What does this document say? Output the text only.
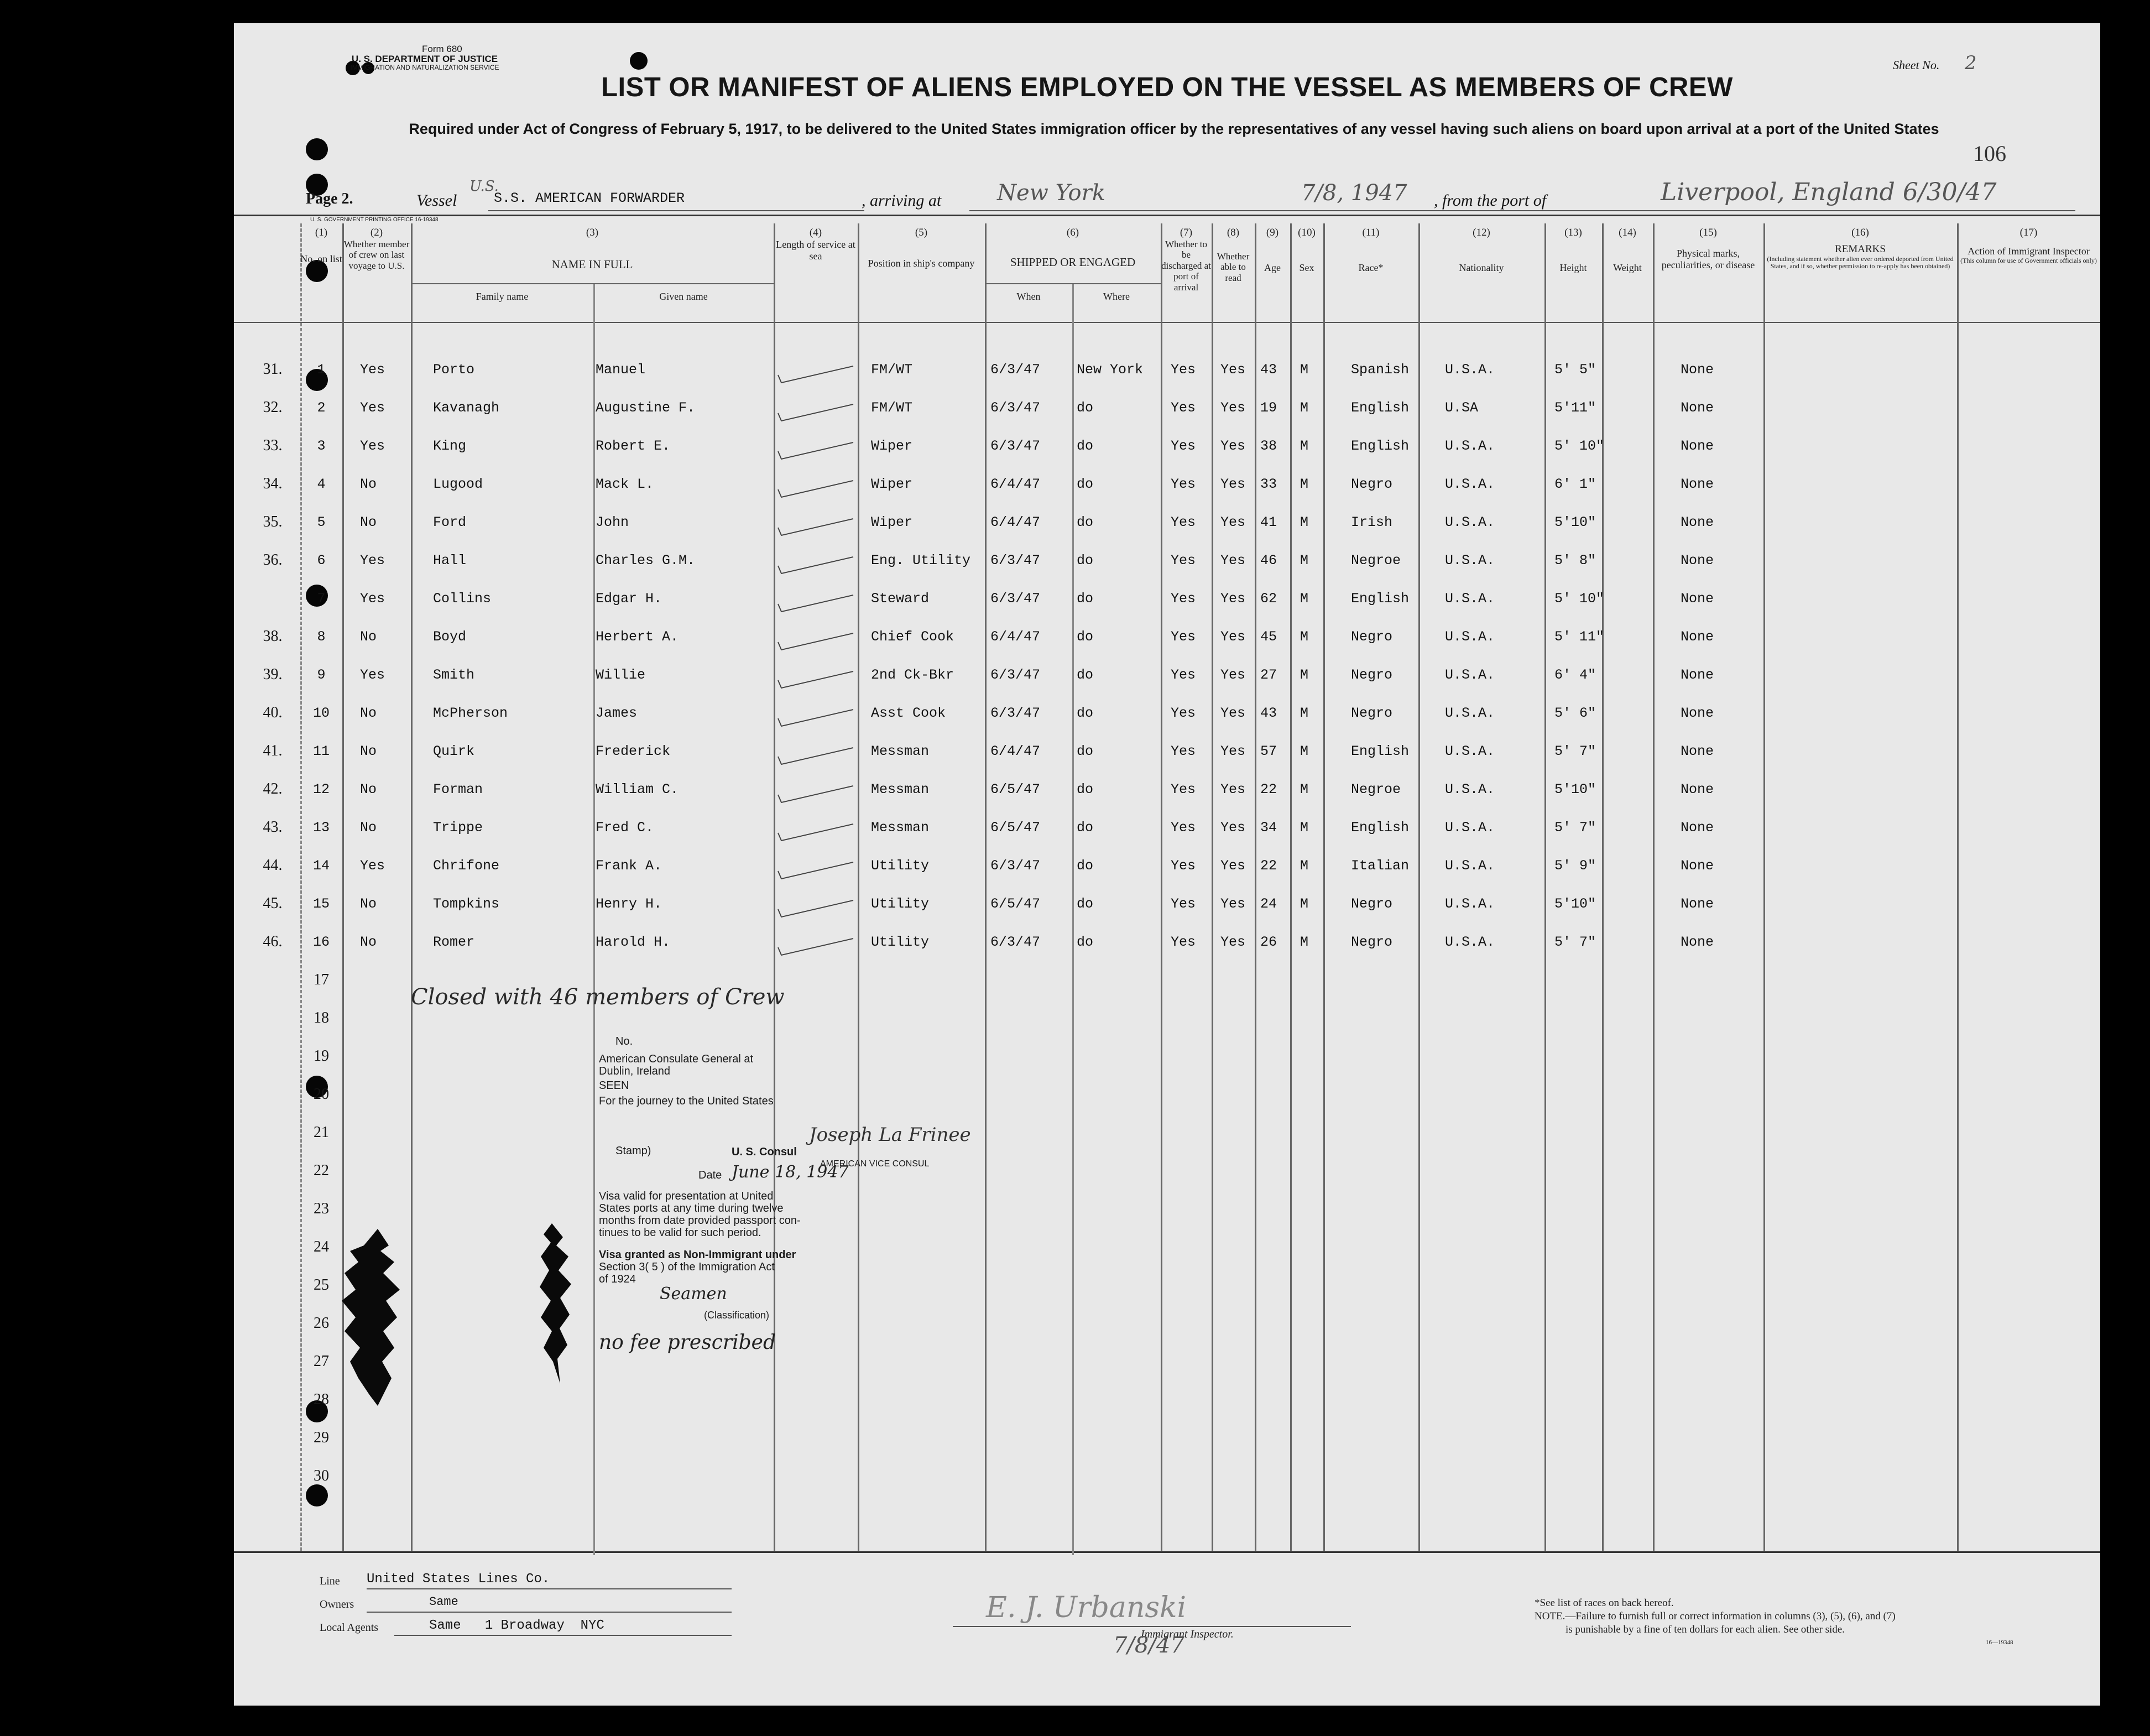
Form 680
U. S. DEPARTMENT OF JUSTICE
IMMIGRATION AND NATURALIZATION SERVICE	Sheet No. 2
LIST OR MANIFEST OF ALIENS EMPLOYED ON THE VESSEL AS MEMBERS OF CREW
Required under Act of Congress of February 5, 1917, to be delivered to the United States immigration officer by the representatives of any vessel having such aliens on board upon arrival at a port of the United States
106
Page 2.	Vessel
U.S.
S.S. AMERICAN FORWARDER	, arriving at	New York	7/8, 1947 , from the port of	Liverpool, England 6/30/47
U. S. GOVERNMENT PRINTING OFFICE 16-19348
(1)
No. on list
(2)
Whether member of crew on last voyage to U.S.
(3)
NAME IN FULL
Family name	Given name
(4)
Length of service at sea
(5)
Position in ship's company
(6)
SHIPPED OR ENGAGED
When	Where
(7)
Whether to be discharged at port of arrival
(8)
Whether able to read
(9)
Age
(10)
Sex
(11)
Race*
(12)
Nationality
(13)
Height
(14)
Weight
(15)
Physical marks, peculiarities, or disease
(16)
REMARKS
(Including statement whether alien ever ordered deported from United States, and if so, whether permission to re-apply has been obtained)
(17)
Action of Immigrant Inspector
(This column for use of Government officials only)
31.	1	Yes	Porto	Manuel	FM/WT	6/3/47	New York	Yes	Yes	43	M	Spanish	U.S.A.	5' 5"	None
32.	2	Yes	Kavanagh	Augustine F.	FM/WT	6/3/47	do	Yes	Yes	19	M	English	U.SA	5'11"	None
33.	3	Yes	King	Robert E.	Wiper	6/3/47	do	Yes	Yes	38	M	English	U.S.A.	5' 10"	None
34.	4	No	Lugood	Mack L.	Wiper	6/4/47	do	Yes	Yes	33	M	Negro	U.S.A.	6' 1"	None
35.	5	No	Ford	John	Wiper	6/4/47	do	Yes	Yes	41	M	Irish	U.S.A.	5'10"	None
36.	6	Yes	Hall	Charles G.M.	Eng. Utility	6/3/47	do	Yes	Yes	46	M	Negroe	U.S.A.	5' 8"	None
7	Yes	Collins	Edgar H.	Steward	6/3/47	do	Yes	Yes	62	M	English	U.S.A.	5' 10"	None
38.	8	No	Boyd	Herbert A.	Chief Cook	6/4/47	do	Yes	Yes	45	M	Negro	U.S.A.	5' 11"	None
39.	9	Yes	Smith	Willie	2nd Ck-Bkr	6/3/47	do	Yes	Yes	27	M	Negro	U.S.A.	6' 4"	None
40.	10	No	McPherson	James	Asst Cook	6/3/47	do	Yes	Yes	43	M	Negro	U.S.A.	5' 6"	None
41.	11	No	Quirk	Frederick	Messman	6/4/47	do	Yes	Yes	57	M	English	U.S.A.	5' 7"	None
42.	12	No	Forman	William C.	Messman	6/5/47	do	Yes	Yes	22	M	Negroe	U.S.A.	5'10"	None
43.	13	No	Trippe	Fred C.	Messman	6/5/47	do	Yes	Yes	34	M	English	U.S.A.	5' 7"	None
44.	14	Yes	Chrifone	Frank A.	Utility	6/3/47	do	Yes	Yes	22	M	Italian	U.S.A.	5' 9"	None
45.	15	No	Tompkins	Henry H.	Utility	6/5/47	do	Yes	Yes	24	M	Negro	U.S.A.	5'10"	None
46.	16	No	Romer	Harold H.	Utility	6/3/47	do	Yes	Yes	26	M	Negro	U.S.A.	5' 7"	None
17
18
19
20
21
22
23
24
25
26
27
28
29
30
Closed with 46 members of Crew
No.
American Consulate General at
Dublin, Ireland
SEEN
For the journey to the United States
Stamp)	U. S. Consul
AMERICAN VICE CONSUL
Joseph La Frinee
Date June 18, 1947
Visa valid for presentation at United
States ports at any time during twelve
months from date provided passport con-
tinues to be valid for such period.
Visa granted as Non-Immigrant under
Section 3( 5 ) of the Immigration Act
of 1924
Seamen
(Classification)
no fee prescribed
Line United States Lines Co.
Owners	Same
Local Agents	Same   1 Broadway  NYC
E. J. Urbanski
Immigrant Inspector.
7/8/47
*See list of races on back hereof.
NOTE.—Failure to furnish full or correct information in columns (3), (5), (6), and (7)
is punishable by a fine of ten dollars for each alien. See other side.
16—19348
